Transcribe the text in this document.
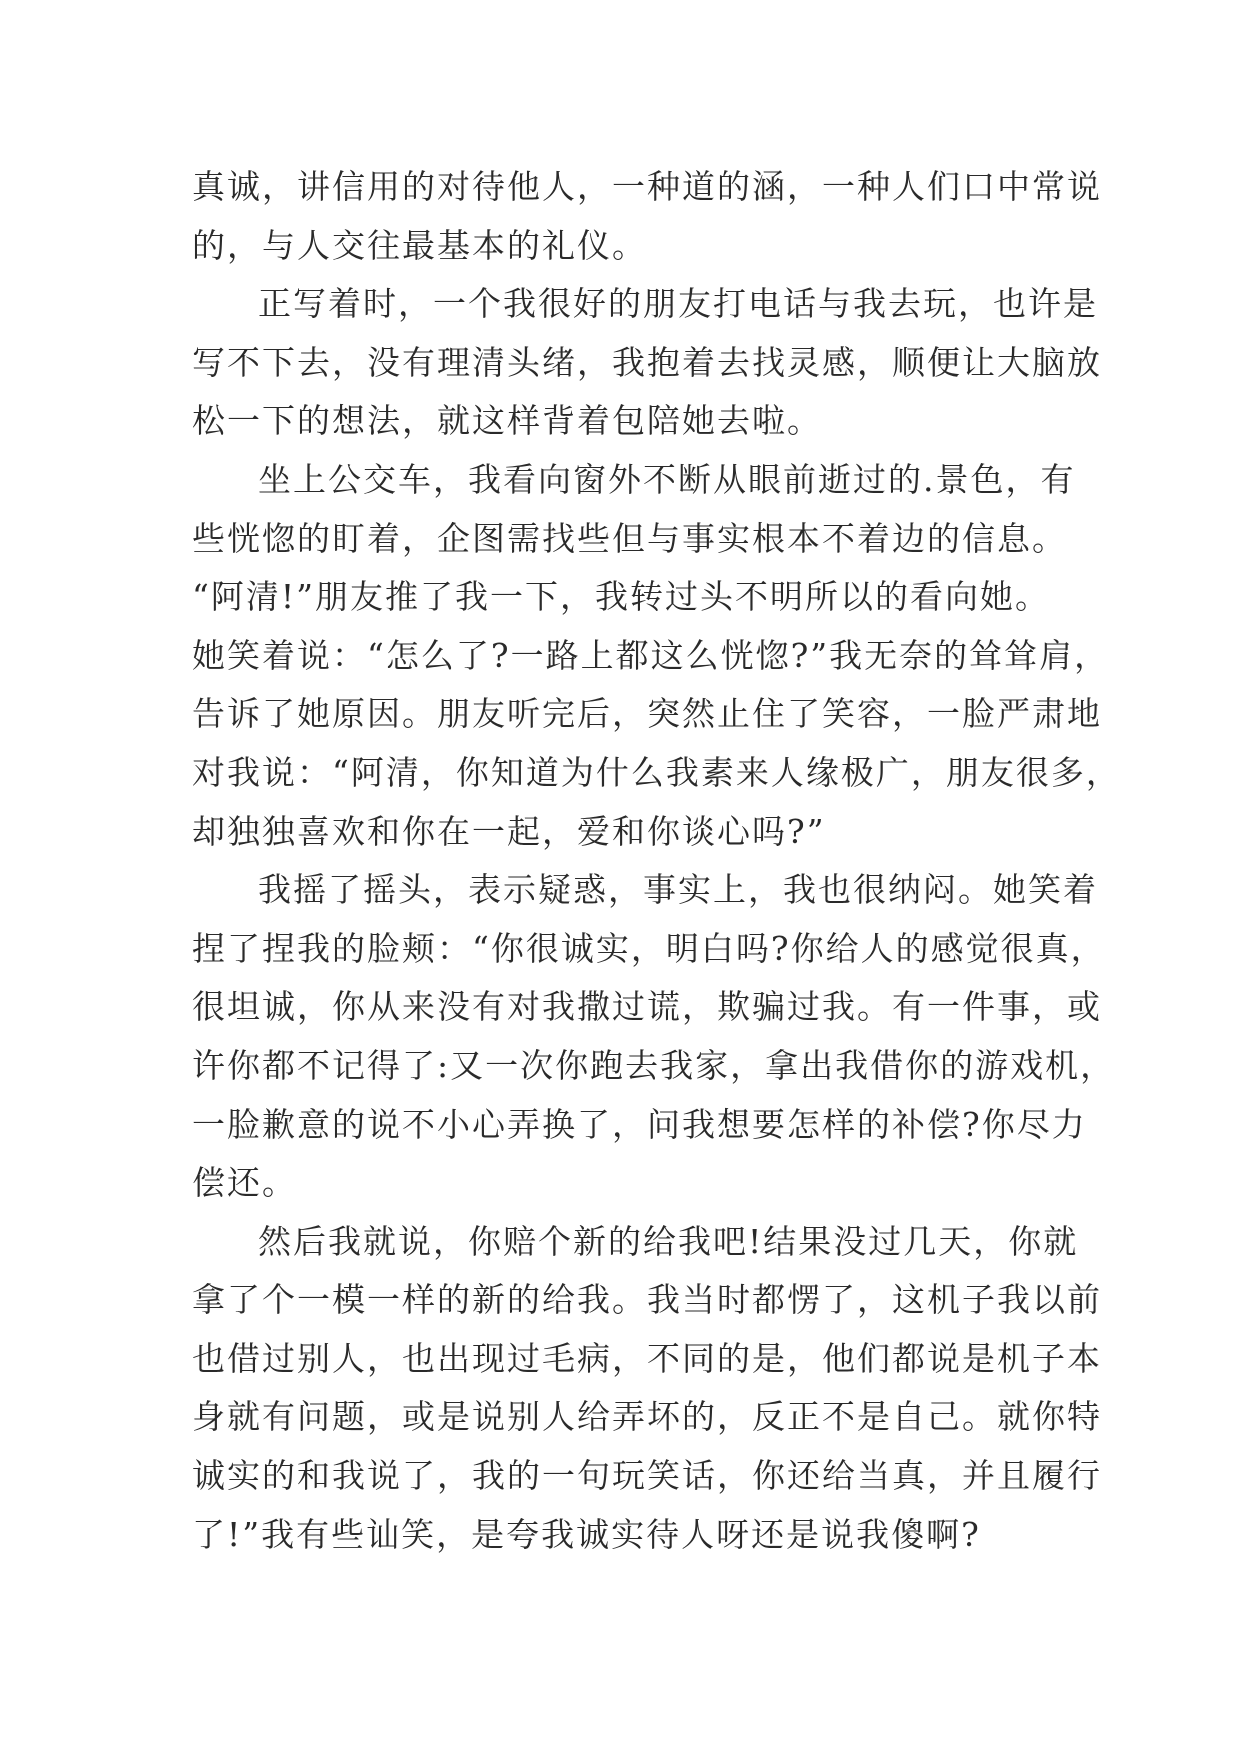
真诚，讲信用的对待他人，一种道的涵，一种人们口中常说
的，与人交往最基本的礼仪。
正写着时，一个我很好的朋友打电话与我去玩，也许是
写不下去，没有理清头绪，我抱着去找灵感，顺便让大脑放
松一下的想法，就这样背着包陪她去啦。
坐上公交车，我看向窗外不断从眼前逝过的.景色，有
些恍惚的盯着，企图需找些但与事实根本不着边的信息。
“阿清!”朋友推了我一下，我转过头不明所以的看向她。
她笑着说：“怎么了?一路上都这么恍惚?”我无奈的耸耸肩，
告诉了她原因。朋友听完后，突然止住了笑容，一脸严肃地
对我说：“阿清，你知道为什么我素来人缘极广，朋友很多，
却独独喜欢和你在一起，爱和你谈心吗?”
我摇了摇头，表示疑惑，事实上，我也很纳闷。她笑着
捏了捏我的脸颊：“你很诚实，明白吗?你给人的感觉很真，
很坦诚，你从来没有对我撒过谎，欺骗过我。有一件事，或
许你都不记得了:又一次你跑去我家，拿出我借你的游戏机，
一脸歉意的说不小心弄换了，问我想要怎样的补偿?你尽力
偿还。
然后我就说，你赔个新的给我吧!结果没过几天，你就
拿了个一模一样的新的给我。我当时都愣了，这机子我以前
也借过别人，也出现过毛病，不同的是，他们都说是机子本
身就有问题，或是说别人给弄坏的，反正不是自己。就你特
诚实的和我说了，我的一句玩笑话，你还给当真，并且履行
了!”我有些讪笑，是夸我诚实待人呀还是说我傻啊?
